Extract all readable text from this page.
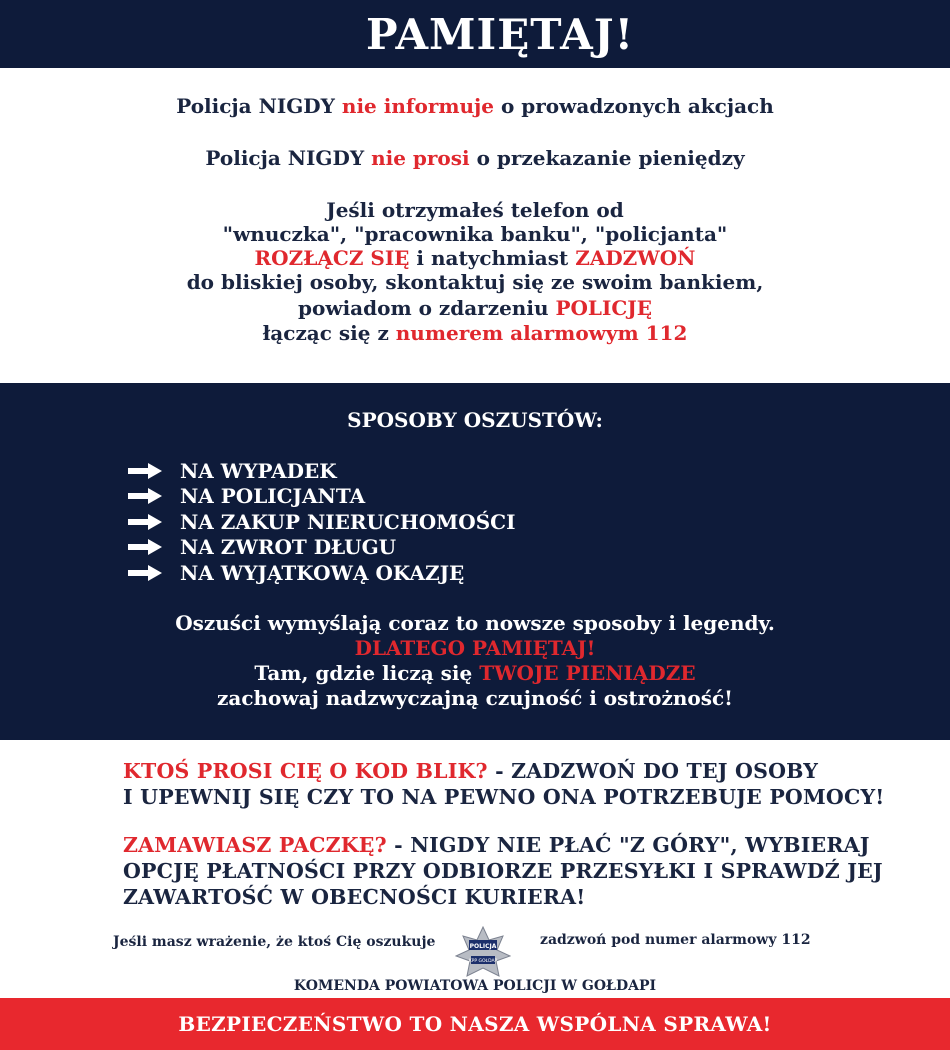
PAMIĘTAJ!
Policja NIGDY nie informuje o prowadzonych akcjach
Policja NIGDY nie prosi o przekazanie pieniędzy
Jeśli otrzymałeś telefon od
"wnuczka", "pracownika banku", "policjanta"
ROZŁĄCZ SIĘ i natychmiast ZADZWOŃ
do bliskiej osoby, skontaktuj się ze swoim bankiem,
powiadom o zdarzeniu POLICJĘ
łącząc się z numerem alarmowym 112
SPOSOBY OSZUSTÓW:
NA WYPADEK
NA POLICJANTA
NA ZAKUP NIERUCHOMOŚCI
NA ZWROT DŁUGU
NA WYJĄTKOWĄ OKAZJĘ
Oszuści wymyślają coraz to nowsze sposoby i legendy.
DLATEGO PAMIĘTAJ!
Tam, gdzie liczą się TWOJE PIENIĄDZE
zachowaj nadzwyczajną czujność i ostrożność!
KTOŚ PROSI CIĘ O KOD BLIK? - ZADZWOŃ DO TEJ OSOBY
I UPEWNIJ SIĘ CZY TO NA PEWNO ONA POTRZEBUJE POMOCY!
ZAMAWIASZ PACZKĘ? - NIGDY NIE PŁAĆ "Z GÓRY", WYBIERAJ
OPCJĘ PŁATNOŚCI PRZY ODBIORZE PRZESYŁKI I SPRAWDŹ JEJ
ZAWARTOŚĆ W OBECNOŚCI KURIERA!
Jeśli masz wrażenie, że ktoś Cię oszukuje	zadzwoń pod numer alarmowy 112
POLICJA
KPP GOŁDAP
KOMENDA POWIATOWA POLICJI W GOŁDAPI
BEZPIECZEŃSTWO TO NASZA WSPÓLNA SPRAWA!
